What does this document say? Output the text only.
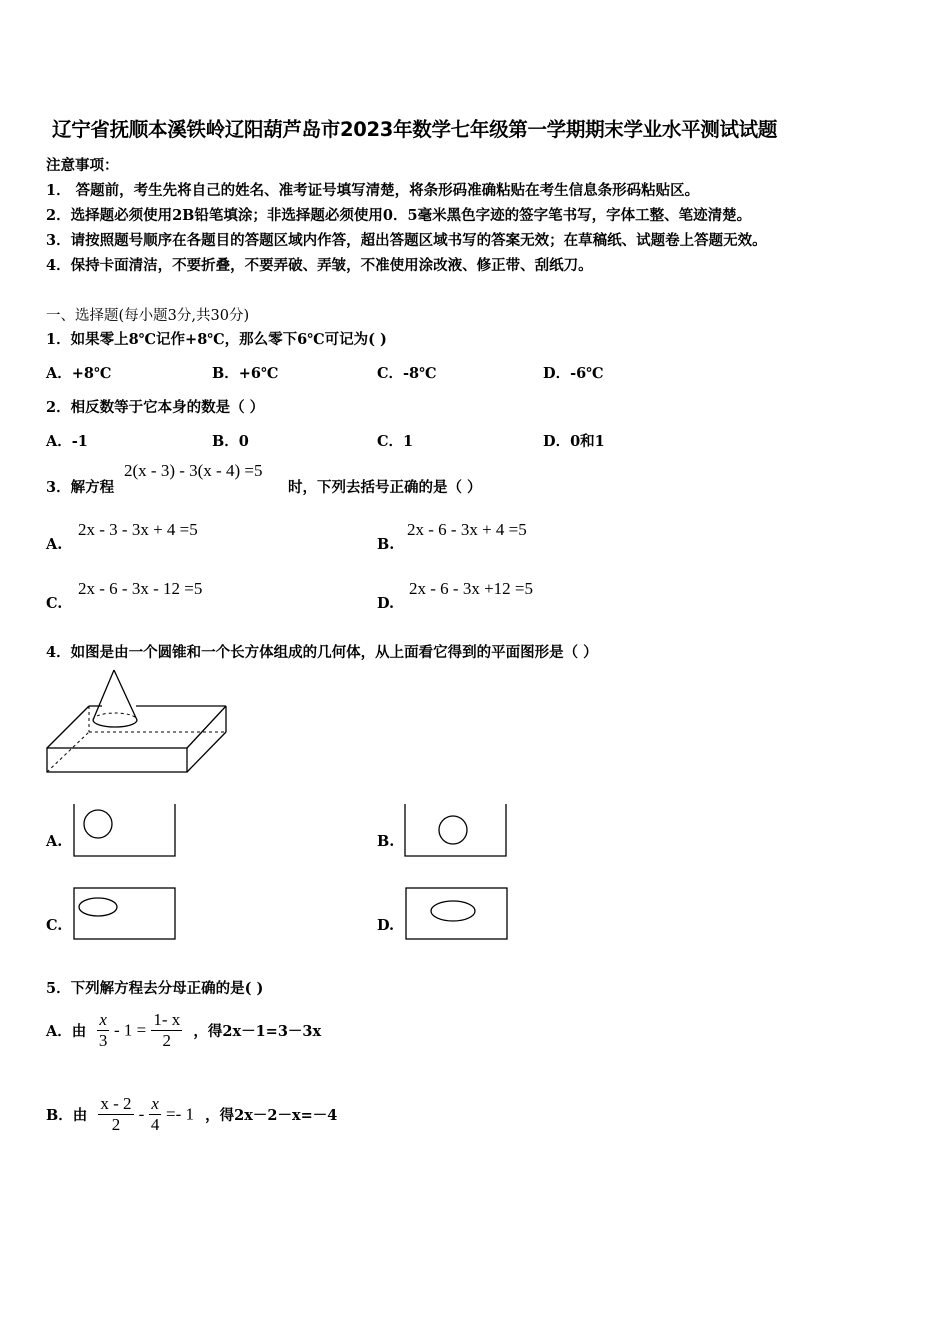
辽宁省抚顺本溪铁岭辽阳葫芦岛市2023年数学七年级第一学期期末学业水平测试试题
注意事项：
1． 答题前，考生先将自己的姓名、准考证号填写清楚，将条形码准确粘贴在考生信息条形码粘贴区。
2．选择题必须使用2B铅笔填涂；非选择题必须使用0．5毫米黑色字迹的签字笔书写，字体工整、笔迹清楚。
3．请按照题号顺序在各题目的答题区域内作答，超出答题区域书写的答案无效；在草稿纸、试题卷上答题无效。
4．保持卡面清洁，不要折叠，不要弄破、弄皱，不准使用涂改液、修正带、刮纸刀。
一、选择题(每小题3分,共30分)
1．如果零上8℃记作+8℃，那么零下6℃可记为( )
A．+8℃	B．+6℃	C．-8℃	D．-6℃
2．相反数等于它本身的数是（ ）
A．-1	B．0	C．1	D．0和1
3．解方程
2(x - 3) - 3(x - 4) =5
时，下列去括号正确的是（ ）
A.
2x - 3 - 3x + 4 =5
B.
2x - 6 - 3x + 4 =5
C.
2x - 6 - 3x - 12 =5
D.
2x - 6 - 3x +12 =5
4．如图是由一个圆锥和一个长方体组成的几何体，从上面看它得到的平面图形是（ ）
A.	B.
C.	D.
5．下列解方程去分母正确的是( )
A．由 $\frac{x}{3} - 1 = \frac{1- x}{2}$ ，得2x－1=3－3x
B．由 $\frac{x - 2}{2} - \frac{x}{4} =- 1$ ，得2x－2－x=－4
